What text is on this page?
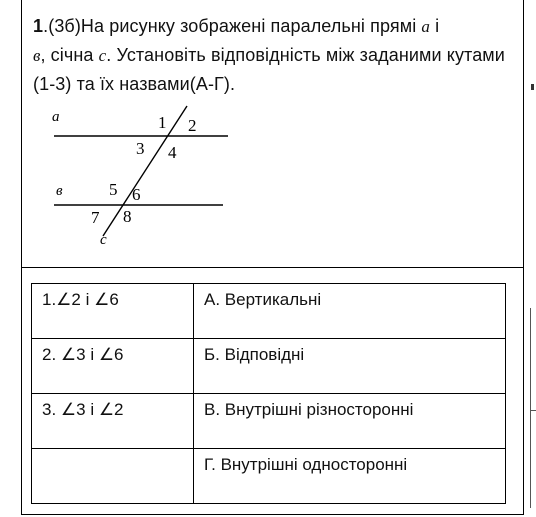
1.(3б)На рисунку зображені паралельні прямі a і
в, січна с. Установіть відповідність між заданими кутами (1-3) та їх назвами(А-Г).
a
в
c
1 2
3 4
5 6
7 8
1.∠2 і ∠6	А. Вертикальні
2. ∠3 і ∠6	Б. Відповідні
3. ∠3 і ∠2	В. Внутрішні різносторонні
	Г. Внутрішні односторонні
